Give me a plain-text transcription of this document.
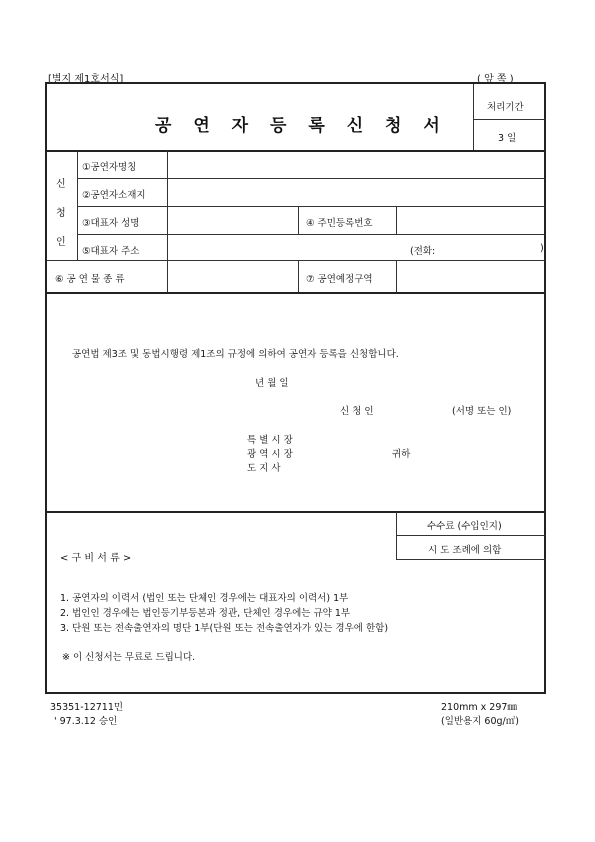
[별지 제1호서식]	( 앞 쪽 )
공 연 자 등 록 신 청 서
처리기간
3 일
신
청
인
①공연자명칭
②공연자소재지
③대표자 성명	④ 주민등록번호
⑤대표자 주소	(전화:	)
⑥ 공 연 물 종 류	⑦ 공연예정구역
공연법 제3조 및 동법시행령 제1조의 규정에 의하여 공연자 등록을 신청합니다.
년 월 일
신 청 인	(서명 또는 인)
특 별 시 장
광 역 시 장
도 지 사
귀하
수수료 (수입인지)
시 도 조례에 의함
< 구 비 서 류 >
1. 공연자의 이력서 (법인 또는 단체인 경우에는 대표자의 이력서) 1부
2. 법인인 경우에는 법인등기부등본과 정관, 단체인 경우에는 규약 1부
3. 단원 또는 전속출연자의 명단 1부(단원 또는 전속출연자가 있는 경우에 한함)
※ 이 신청서는 무료로 드립니다.
35351-12711민
' 97.3.12 승인
210mm x 297㎜
(일반용지 60g/㎡)
